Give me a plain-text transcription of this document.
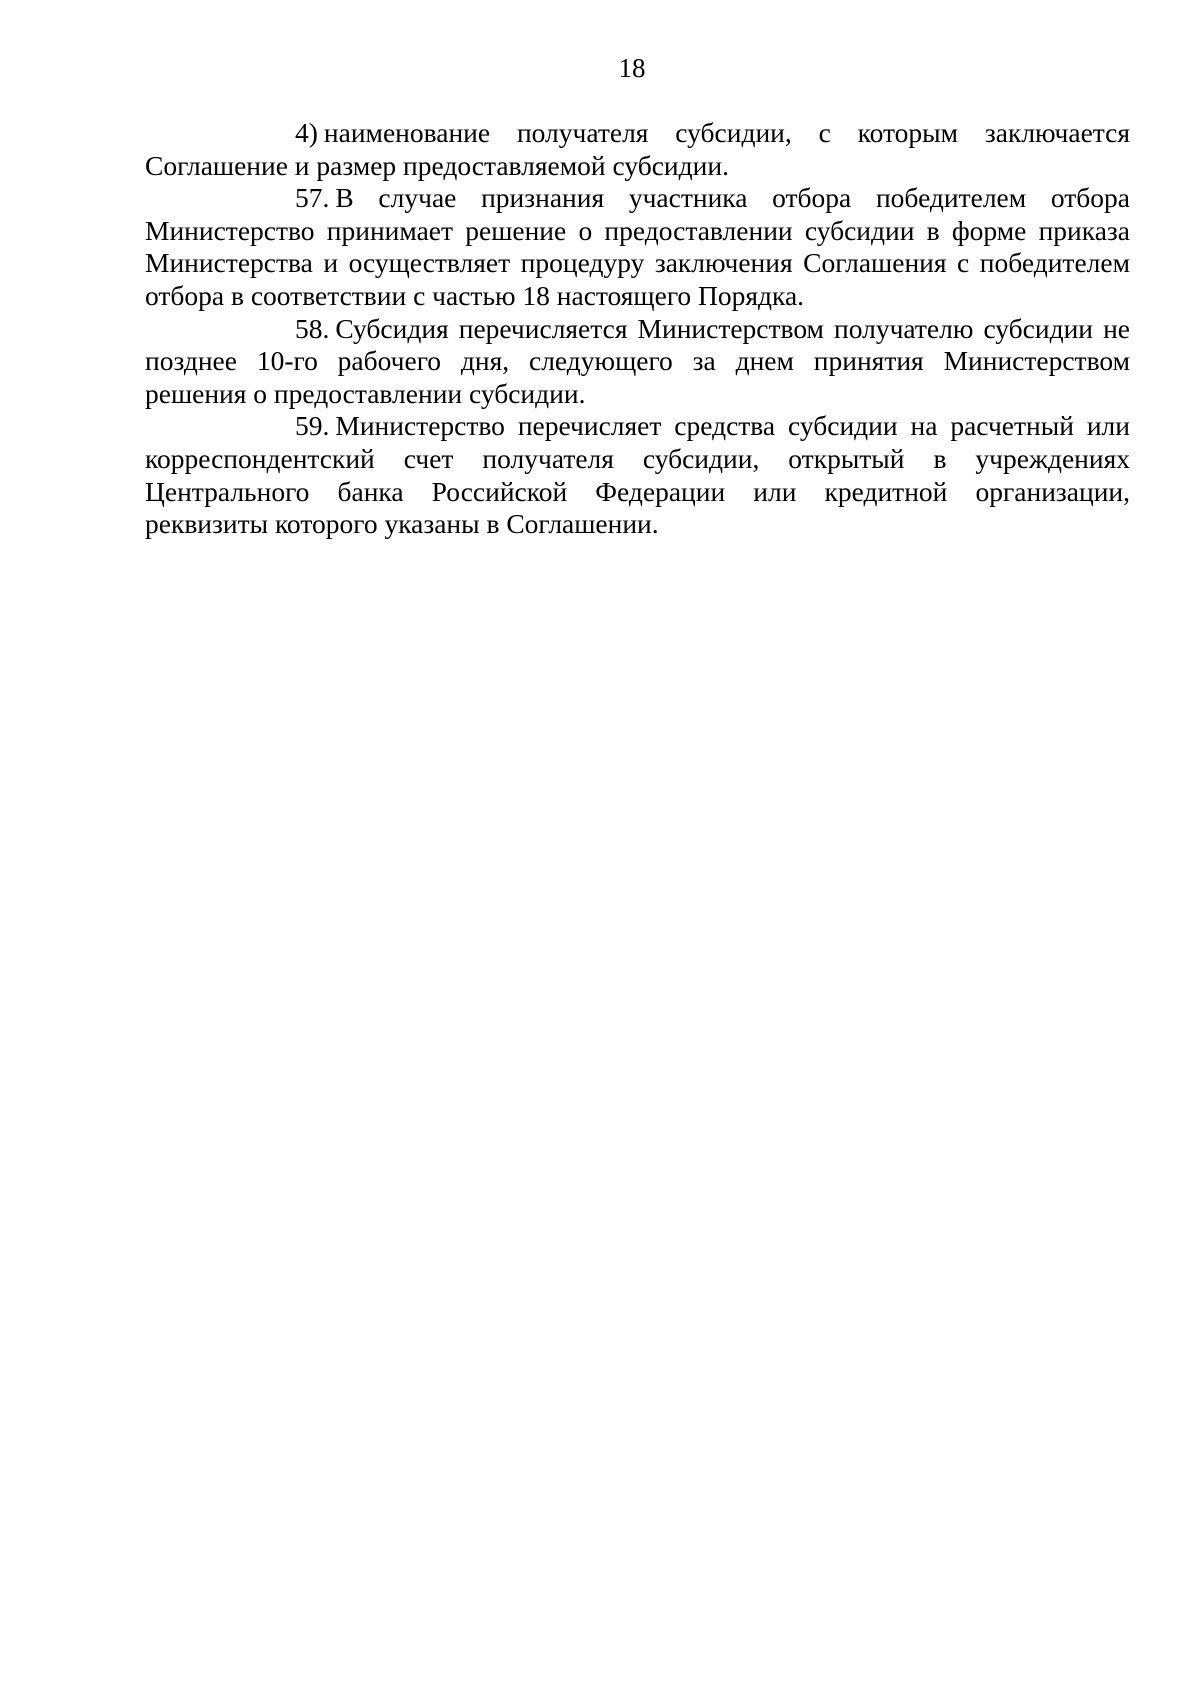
18

4) наименование получателя субсидии, с которым заключается Соглашение и размер предоставляемой субсидии.

57. В случае признания участника отбора победителем отбора Министерство принимает решение о предоставлении субсидии в форме приказа Министерства и осуществляет процедуру заключения Соглашения с победителем отбора в соответствии с частью 18 настоящего Порядка.

58. Субсидия перечисляется Министерством получателю субсидии не позднее 10-го рабочего дня, следующего за днем принятия Министерством решения о предоставлении субсидии.

59. Министерство перечисляет средства субсидии на расчетный или корреспондентский счет получателя субсидии, открытый в учреждениях Центрального банка Российской Федерации или кредитной организации, реквизиты которого указаны в Соглашении.
